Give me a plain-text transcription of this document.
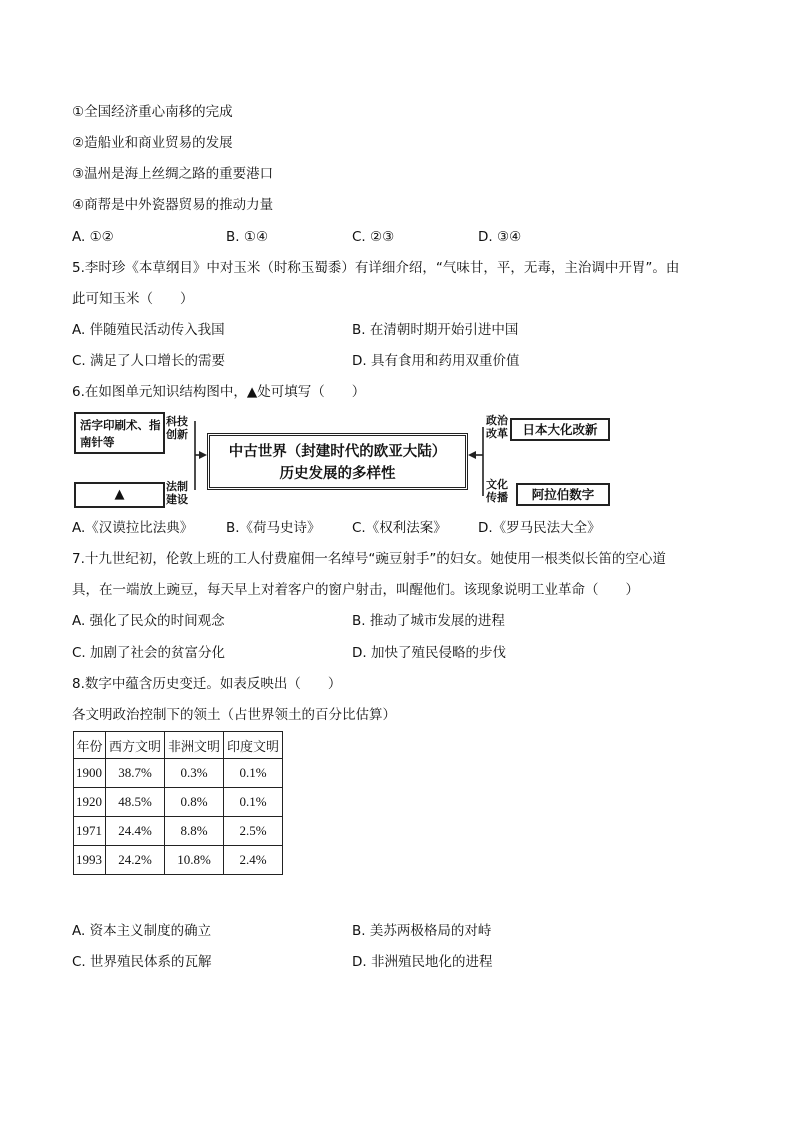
①全国经济重心南移的完成
②造船业和商业贸易的发展
③温州是海上丝绸之路的重要港口
④商帮是中外瓷器贸易的推动力量
A. ①②	B. ①④	C. ②③	D. ③④
5.李时珍《本草纲目》中对玉米（时称玉蜀黍）有详细介绍，“气味甘，平，无毒，主治调中开胃”。由
此可知玉米（　　）
A. 伴随殖民活动传入我国	B. 在清朝时期开始引进中国
C. 满足了人口增长的需要	D. 具有食用和药用双重价值
6.在如图单元知识结构图中，▲处可填写（　　）
活字印刷术、指南针等
科技创新
▲
法制建设
中古世界（封建时代的欧亚大陆）
历史发展的多样性
政治改革	日本大化改新
文化传播	阿拉伯数字
A.《汉谟拉比法典》 B.《荷马史诗》 C.《权利法案》 D.《罗马民法大全》
7.十九世纪初，伦敦上班的工人付费雇佣一名绰号“豌豆射手”的妇女。她使用一根类似长笛的空心道
具，在一端放上豌豆，每天早上对着客户的窗户射击，叫醒他们。该现象说明工业革命（　　）
A. 强化了民众的时间观念	B. 推动了城市发展的进程
C. 加剧了社会的贫富分化	D. 加快了殖民侵略的步伐
8.数字中蕴含历史变迁。如表反映出（　　）
各文明政治控制下的领土（占世界领土的百分比估算）
年份	西方文明	非洲文明	印度文明
1900	38.7%	0.3%	0.1%
1920	48.5%	0.8%	0.1%
1971	24.4%	8.8%	2.5%
1993	24.2%	10.8%	2.4%
A. 资本主义制度的确立	B. 美苏两极格局的对峙
C. 世界殖民体系的瓦解	D. 非洲殖民地化的进程
